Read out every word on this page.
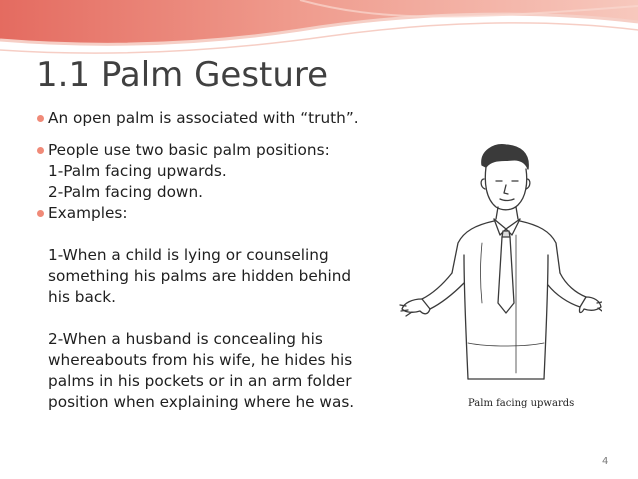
1.1 Palm Gesture

An open palm is associated with “truth”.

People use two basic palm positions:

1-Palm facing upwards.

2-Palm facing down.

Examples:

1-When a child is lying or counseling

something his palms are hidden behind

his back.

2-When a husband is concealing his

whereabouts from his wife, he hides his

palms in his pockets or in an arm folder

position when explaining where he was.	Palm facing upwards
4
